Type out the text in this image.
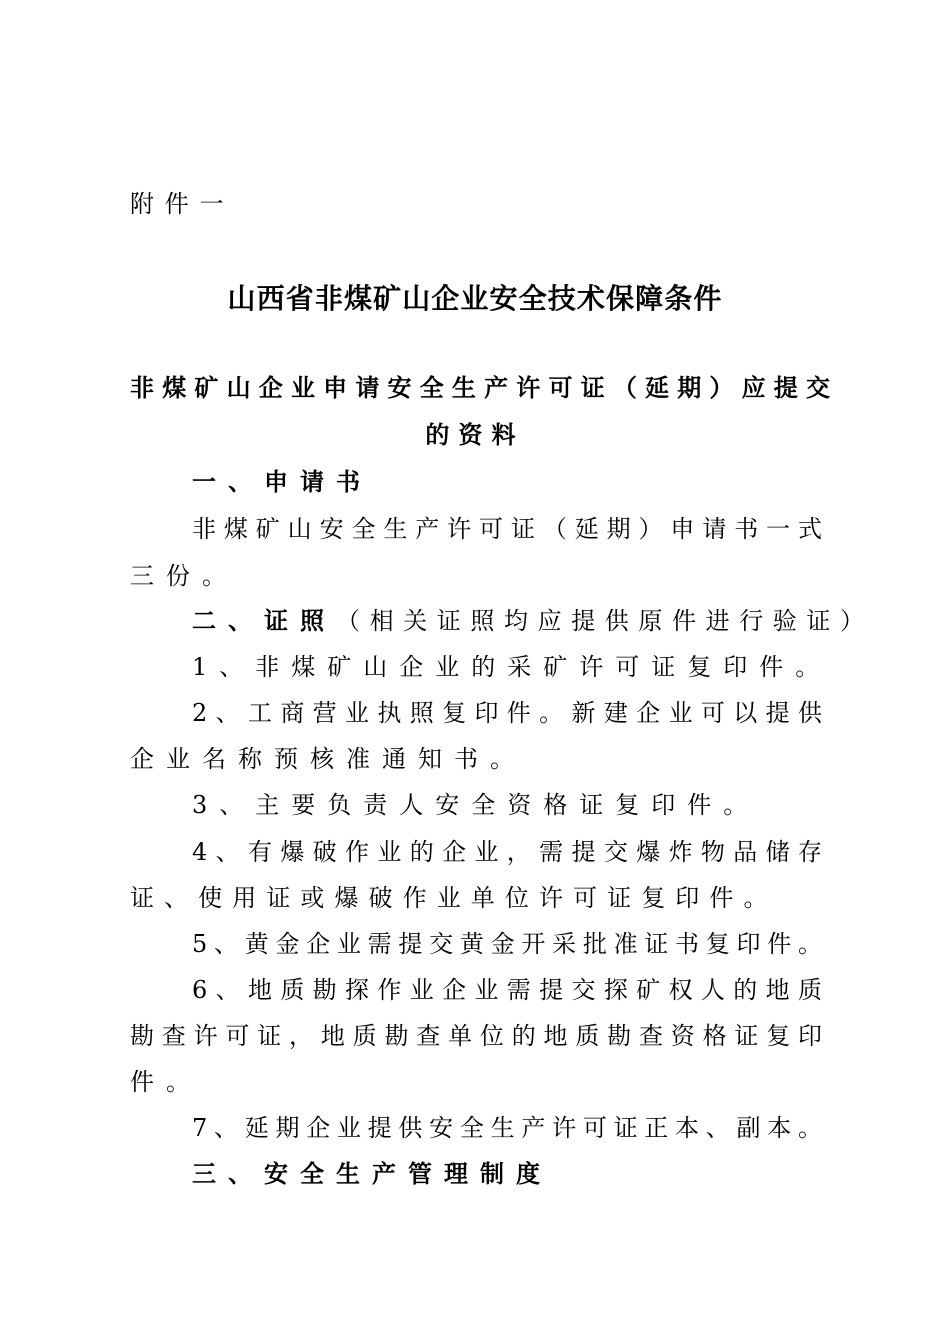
附件一

山西省非煤矿山企业安全技术保障条件
非煤矿山企业申请安全生产许可证（延期）应提交
的资料
一、申请书

非煤矿山安全生产许可证（延期）申请书一式

三份。

二、证照（相关证照均应提供原件进行验证）

1、非煤矿山企业的采矿许可证复印件。

2、工商营业执照复印件。新建企业可以提供

企业名称预核准通知书。

3、主要负责人安全资格证复印件。

4、有爆破作业的企业，需提交爆炸物品储存

证、使用证或爆破作业单位许可证复印件。

5、黄金企业需提交黄金开采批准证书复印件。

6、地质勘探作业企业需提交探矿权人的地质

勘查许可证，地质勘查单位的地质勘查资格证复印

件。

7、延期企业提供安全生产许可证正本、副本。

三、安全生产管理制度
